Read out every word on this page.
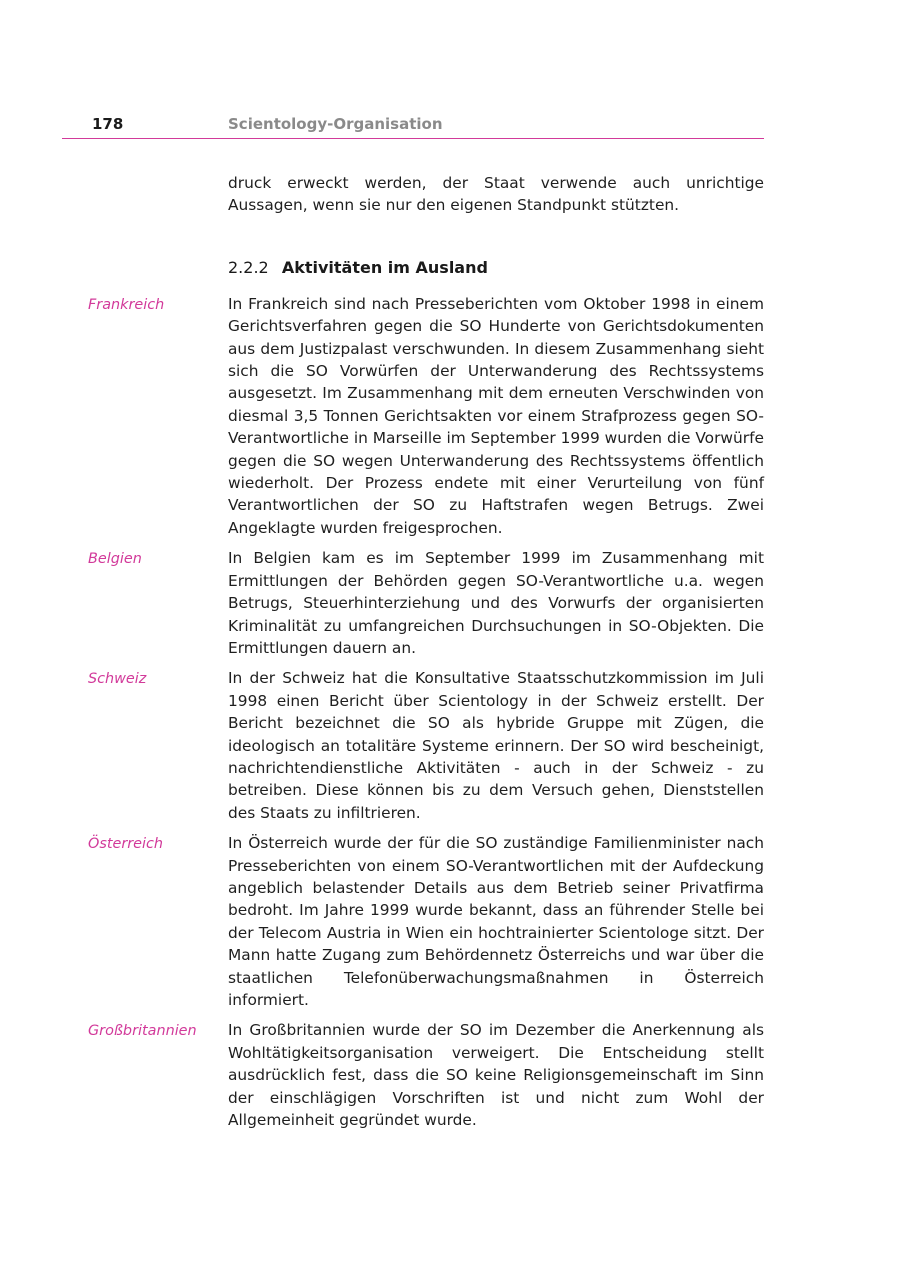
178	Scientology-Organisation

druck erweckt werden, der Staat verwende auch unrichtige Aussagen, wenn sie nur den eigenen Standpunkt stützten.

2.2.2 Aktivitäten im Ausland
Frankreich	In Frankreich sind nach Presseberichten vom Oktober 1998 in einem Gerichtsverfahren gegen die SO Hunderte von Gerichtsdokumenten aus dem Justizpalast verschwunden. In diesem Zusammenhang sieht sich die SO Vorwürfen der Unterwanderung des Rechtssystems ausgesetzt. Im Zusammenhang mit dem erneuten Verschwinden von diesmal 3,5 Tonnen Gerichtsakten vor einem Strafprozess gegen SO-Verantwortliche in Marseille im September 1999 wurden die Vorwürfe gegen die SO wegen Unterwanderung des Rechtssystems öffentlich wiederholt. Der Prozess endete mit einer Verurteilung von fünf Verantwortlichen der SO zu Haftstrafen wegen Betrugs. Zwei Angeklagte wurden freigesprochen.

Belgien	In Belgien kam es im September 1999 im Zusammenhang mit Ermittlungen der Behörden gegen SO-Verantwortliche u.a. wegen Betrugs, Steuerhinterziehung und des Vorwurfs der organisierten Kriminalität zu umfangreichen Durchsuchungen in SO-Objekten. Die Ermittlungen dauern an.

Schweiz	In der Schweiz hat die Konsultative Staatsschutzkommission im Juli 1998 einen Bericht über Scientology in der Schweiz erstellt. Der Bericht bezeichnet die SO als hybride Gruppe mit Zügen, die ideologisch an totalitäre Systeme erinnern. Der SO wird bescheinigt, nachrichtendienstliche Aktivitäten - auch in der Schweiz - zu betreiben. Diese können bis zu dem Versuch gehen, Dienststellen des Staats zu infiltrieren.

Österreich	In Österreich wurde der für die SO zuständige Familienminister nach Presseberichten von einem SO-Verantwortlichen mit der Aufdeckung angeblich belastender Details aus dem Betrieb seiner Privatfirma bedroht. Im Jahre 1999 wurde bekannt, dass an führender Stelle bei der Telecom Austria in Wien ein hochtrainierter Scientologe sitzt. Der Mann hatte Zugang zum Behördennetz Österreichs und war über die staatlichen Telefonüberwachungsmaßnahmen in Österreich informiert.

Großbritannien	In Großbritannien wurde der SO im Dezember die Anerkennung als Wohltätigkeitsorganisation verweigert. Die Entscheidung stellt ausdrücklich fest, dass die SO keine Religionsgemeinschaft im Sinn der einschlägigen Vorschriften ist und nicht zum Wohl der Allgemeinheit gegründet wurde.
